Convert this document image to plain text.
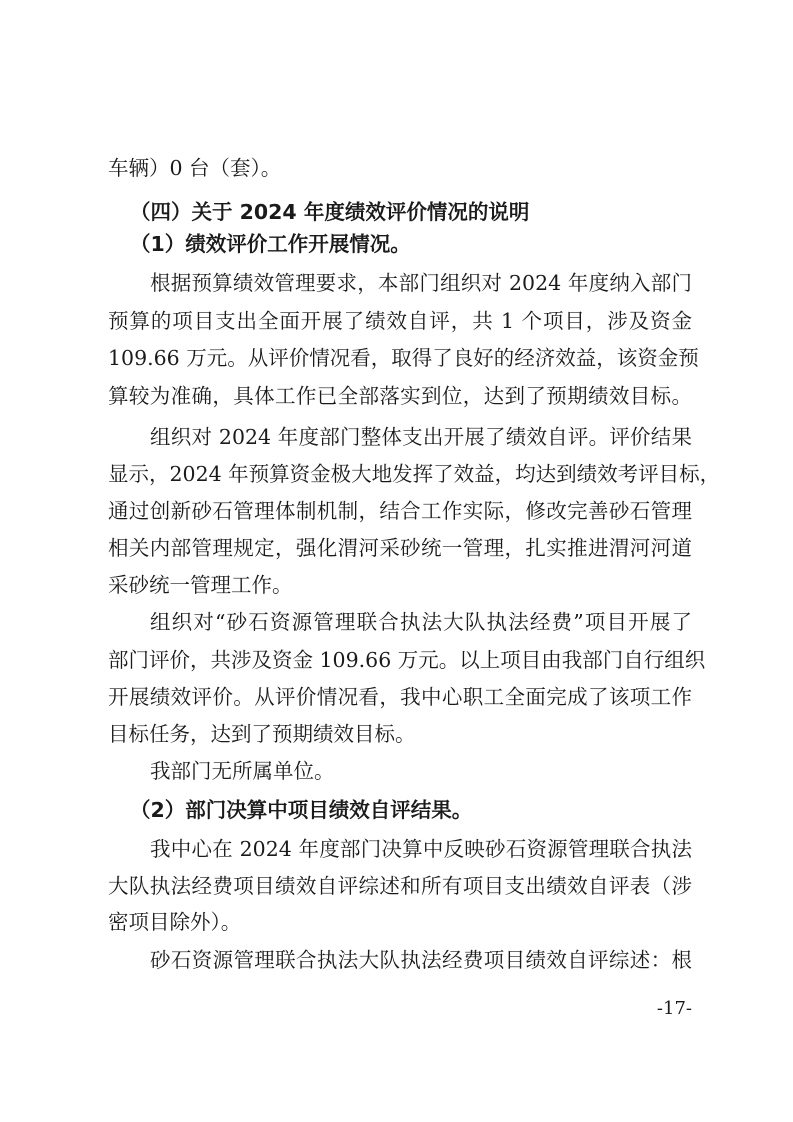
车辆）0 台（套）。
（四）关于 2024 年度绩效评价情况的说明
（1）绩效评价工作开展情况。
根据预算绩效管理要求，本部门组织对 2024 年度纳入部门
预算的项目支出全面开展了绩效自评，共 1 个项目，涉及资金
109.66 万元。从评价情况看，取得了良好的经济效益，该资金预
算较为准确，具体工作已全部落实到位，达到了预期绩效目标。
组织对 2024 年度部门整体支出开展了绩效自评。评价结果
显示，2024 年预算资金极大地发挥了效益，均达到绩效考评目标，
通过创新砂石管理体制机制，结合工作实际，修改完善砂石管理
相关内部管理规定，强化渭河采砂统一管理，扎实推进渭河河道
采砂统一管理工作。
组织对“砂石资源管理联合执法大队执法经费”项目开展了
部门评价，共涉及资金 109.66 万元。以上项目由我部门自行组织
开展绩效评价。从评价情况看，我中心职工全面完成了该项工作
目标任务，达到了预期绩效目标。
我部门无所属单位。
（2）部门决算中项目绩效自评结果。
我中心在 2024 年度部门决算中反映砂石资源管理联合执法
大队执法经费项目绩效自评综述和所有项目支出绩效自评表（涉
密项目除外）。
砂石资源管理联合执法大队执法经费项目绩效自评综述：根
-17-
